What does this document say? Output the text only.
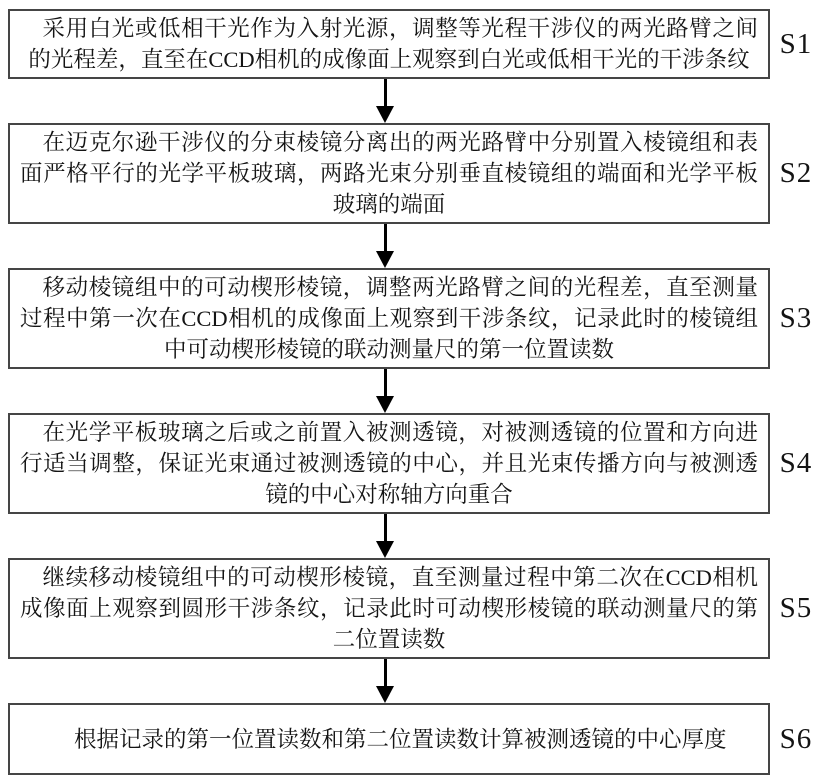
采用白光或低相干光作为入射光源，调整等光程干涉仪的两光路臂之间的光程差，直至在CCD相机的成像面上观察到白光或低相干光的干涉条纹	S1

在迈克尔逊干涉仪的分束棱镜分离出的两光路臂中分别置入棱镜组和表面严格平行的光学平板玻璃，两路光束分别垂直棱镜组的端面和光学平板玻璃的端面

S2

移动棱镜组中的可动楔形棱镜，调整两光路臂之间的光程差，直至测量过程中第一次在CCD相机的成像面上观察到干涉条纹，记录此时的棱镜组中可动楔形棱镜的联动测量尺的第一位置读数

S3

在光学平板玻璃之后或之前置入被测透镜，对被测透镜的位置和方向进行适当调整，保证光束通过被测透镜的中心，并且光束传播方向与被测透镜的中心对称轴方向重合

S4

继续移动棱镜组中的可动楔形棱镜，直至测量过程中第二次在CCD相机成像面上观察到圆形干涉条纹，记录此时可动楔形棱镜的联动测量尺的第二位置读数

S5

根据记录的第一位置读数和第二位置读数计算被测透镜的中心厚度	S6
